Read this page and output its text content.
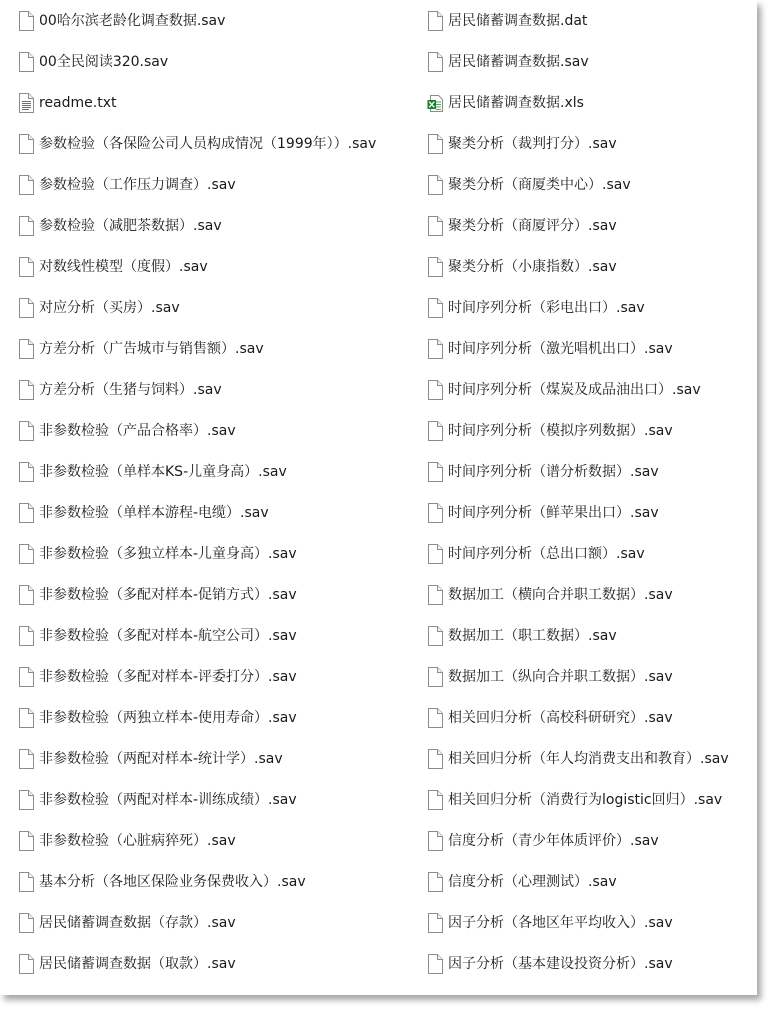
00哈尔滨老龄化调查数据.sav
00全民阅读320.sav
readme.txt
参数检验（各保险公司人员构成情况（1999年））.sav
参数检验（工作压力调查）.sav
参数检验（减肥茶数据）.sav
对数线性模型（度假）.sav
对应分析（买房）.sav
方差分析（广告城市与销售额）.sav
方差分析（生猪与饲料）.sav
非参数检验（产品合格率）.sav
非参数检验（单样本KS-儿童身高）.sav
非参数检验（单样本游程-电缆）.sav
非参数检验（多独立样本-儿童身高）.sav
非参数检验（多配对样本-促销方式）.sav
非参数检验（多配对样本-航空公司）.sav
非参数检验（多配对样本-评委打分）.sav
非参数检验（两独立样本-使用寿命）.sav
非参数检验（两配对样本-统计学）.sav
非参数检验（两配对样本-训练成绩）.sav
非参数检验（心脏病猝死）.sav
基本分析（各地区保险业务保费收入）.sav
居民储蓄调查数据（存款）.sav
居民储蓄调查数据（取款）.sav
居民储蓄调查数据.dat
居民储蓄调查数据.sav
居民储蓄调查数据.xls
聚类分析（裁判打分）.sav
聚类分析（商厦类中心）.sav
聚类分析（商厦评分）.sav
聚类分析（小康指数）.sav
时间序列分析（彩电出口）.sav
时间序列分析（激光唱机出口）.sav
时间序列分析（煤炭及成品油出口）.sav
时间序列分析（模拟序列数据）.sav
时间序列分析（谱分析数据）.sav
时间序列分析（鲜苹果出口）.sav
时间序列分析（总出口额）.sav
数据加工（横向合并职工数据）.sav
数据加工（职工数据）.sav
数据加工（纵向合并职工数据）.sav
相关回归分析（高校科研研究）.sav
相关回归分析（年人均消费支出和教育）.sav
相关回归分析（消费行为logistic回归）.sav
信度分析（青少年体质评价）.sav
信度分析（心理测试）.sav
因子分析（各地区年平均收入）.sav
因子分析（基本建设投资分析）.sav
